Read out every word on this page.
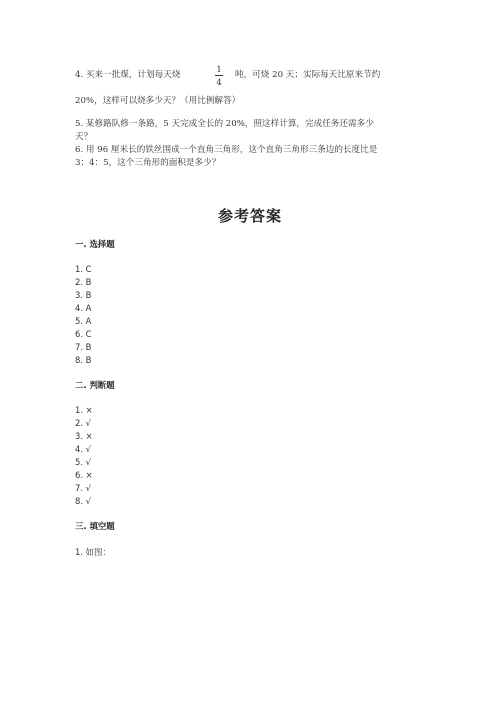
4. 买来一批煤，计划每天烧
1
4
吨，可烧 20 天；实际每天比原来节约
20%，这样可以烧多少天？（用比例解答）
5. 某修路队修一条路，5 天完成全长的 20%，照这样计算，完成任务还需多少
天？
6. 用 96 厘米长的铁丝围成一个直角三角形，这个直角三角形三条边的长度比是
3：4：5，这个三角形的面积是多少？
参考答案
一. 选择题
1. C
2. B
3. B
4. A
5. A
6. C
7. B
8. B
二. 判断题
1. ×
2. √
3. ×
4. √
5. √
6. ×
7. √
8. √
三. 填空题
1. 如图：
